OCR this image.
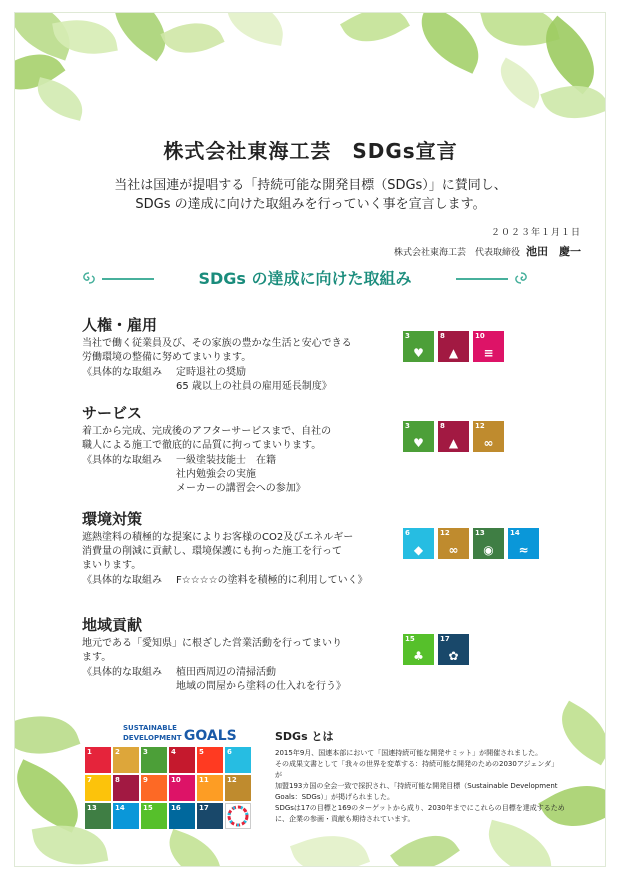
株式会社東海工芸　SDGs宣言
当社は国連が提唱する「持続可能な開発目標（SDGs）」に賛同し、
SDGs の達成に向けた取組みを行っていく事を宣言します。
２０２３年１月１日
株式会社東海工芸　代表取締役 池田　慶一
SDGs の達成に向けた取組み
人権・雇用

当社で働く従業員及び、その家族の豊かな生活と安心できる

労働環境の整備に努めてまいります。

《具体的な取組み	定時退社の奨励
65 歳以上の社員の雇用延長制度》
3
♥
8
▲
10
≡
サービス

着工から完成、完成後のアフターサービスまで、自社の

職人による施工で徹底的に品質に拘ってまいります。

《具体的な取組み	一級塗装技能士　在籍
社内勉強会の実施
メーカーの講習会への参加》
3
♥
8
▲
12
∞
環境対策

遮熱塗料の積極的な提案によりお客様のCO2及びエネルギー

消費量の削減に貢献し、環境保護にも拘った施工を行って

まいります。

《具体的な取組み	F☆☆☆☆の塗料を積極的に利用していく》
6
◆
12
∞
13
◉
14
≈
地域貢献

地元である「愛知県」に根ざした営業活動を行ってまいり

ます。

《具体的な取組み	植田西周辺の清掃活動
地域の問屋から塗料の仕入れを行う》
15
♣
17
✿
SUSTAINABLE
DEVELOPMENT GOALS
1	2	3	4	5	6
7	8	9	10	11	12
13	14	15	16	17
SDGs とは

2015年9月、国連本部において「国連持続可能な開発サミット」が開催されました。

その成果文書として「我々の世界を変革する：持続可能な開発のための2030アジェンダ」が

加盟193カ国の全会一致で採択され、「持続可能な開発目標（Sustainable Development

Goals：SDGs）」が掲げられました。

SDGsは17の目標と169のターゲットから成り、2030年までにこれらの目標を達成するため

に、企業の参画・貢献も期待されています。
